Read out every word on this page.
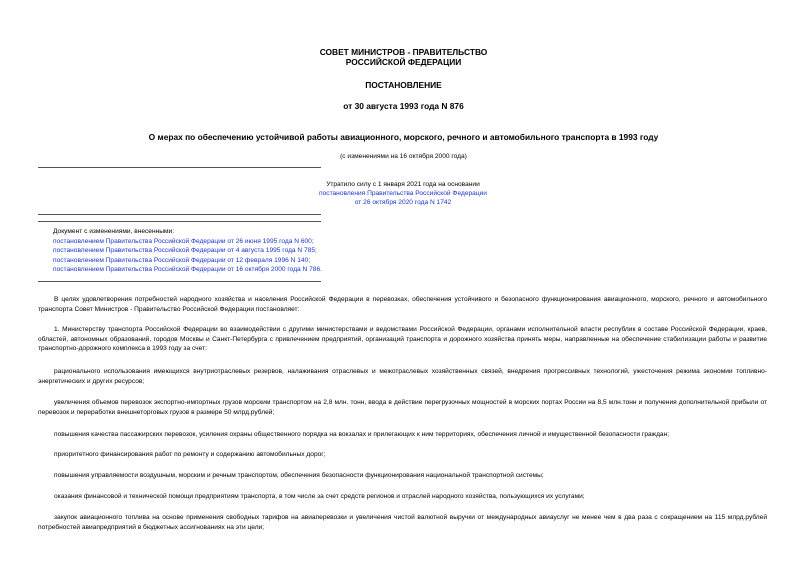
СОВЕТ МИНИСТРОВ - ПРАВИТЕЛЬСТВО
РОССИЙСКОЙ ФЕДЕРАЦИИ
ПОСТАНОВЛЕНИЕ
от 30 августа 1993 года N 876
О мерах по обеспечению устойчивой работы авиационного, морского, речного и автомобильного транспорта в 1993 году
(с изменениями на 16 октября 2000 года)
Утратило силу с 1 января 2021 года на основании
постановления Правительства Российской Федерации
от 26 октября 2020 года N 1742
Документ с изменениями, внесенными:
постановлением Правительства Российской Федерации от 26 июня 1995 года N 600;
постановлением Правительства Российской Федерации от 4 августа 1995 года N 785;
постановлением Правительства Российской Федерации от 12 февраля 1996 N 140;
постановлением Правительства Российской Федерации от 16 октября 2000 года N 786.
В целях удовлетворения потребностей народного хозяйства и населения Российской Федерации в перевозках, обеспечения устойчивого и безопасного функционирования авиационного, морского, речного и автомобильного транспорта Совет Министров - Правительство Российской Федерации постановляет:
1. Министерству транспорта Российской Федерации во взаимодействии с другими министерствами и ведомствами Российской Федерации, органами исполнительной власти республик в составе Российской Федерации, краев, областей, автономных образований, городов Москвы и Санкт-Петербурга с привлечением предприятий, организаций транспорта и дорожного хозяйства принять меры, направленные на обеспечение стабилизации работы и развитие транспортно-дорожного комплекса в 1993 году за счет:
рационального использования имеющихся внутриотраслевых резервов, налаживания отраслевых и межотраслевых хозяйственных связей, внедрения прогрессивных технологий, ужесточения режима экономии топливно-энергетических и других ресурсов;
увеличения объемов перевозок экспортно-импортных грузов морским транспортом на 2,8 млн. тонн, ввода в действие перегрузочных мощностей в морских портах России на 8,5 млн.тонн и получения дополнительной прибыли от перевозок и переработки внешнеторговых грузов в размере 50 млрд.рублей;
повышения качества пассажирских перевозок, усиления охраны общественного порядка на вокзалах и прилегающих к ним территориях, обеспечения личной и имущественной безопасности граждан;
приоритетного финансирования работ по ремонту и содержанию автомобильных дорог;
повышения управляемости воздушным, морским и речным транспортом, обеспечения безопасности функционирования национальной транспортной системы;
оказания финансовой и технической помощи предприятиям транспорта, в том числе за счет средств регионов и отраслей народного хозяйства, пользующихся их услугами;
закупок авиационного топлива на основе применения свободных тарифов на авиаперевозки и увеличения чистой валютной выручки от международных авиауслуг не менее чем в два раза с сокращением на 115 млрд.рублей потребностей авиапредприятий в бюджетных ассигнованиях на эти цели;
